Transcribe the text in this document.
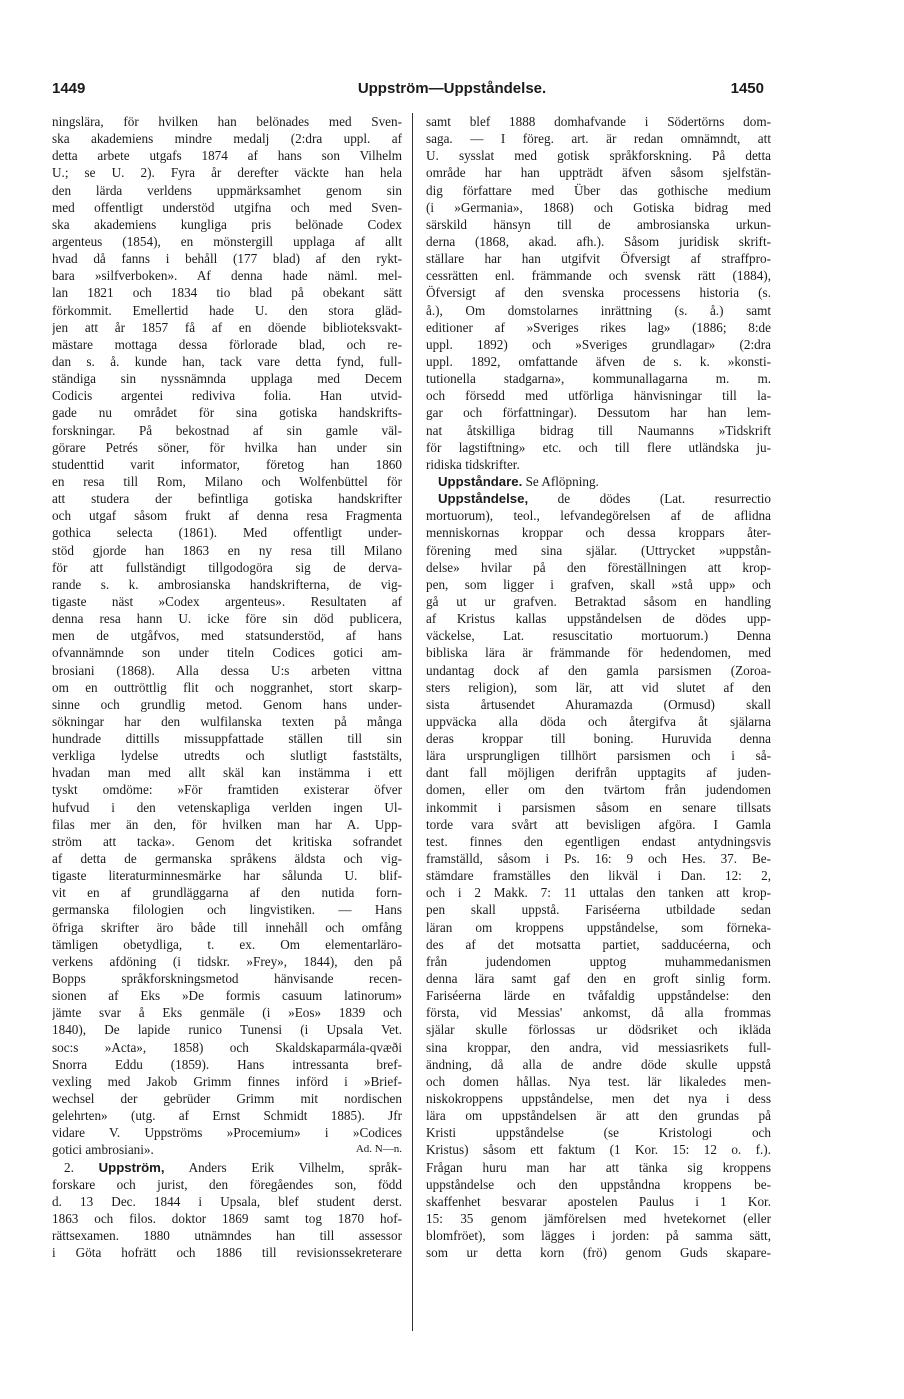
1449	Uppström—Uppståndelse.	1450
ningslära, för hvilken han belönades med Sven-
ska akademiens mindre medalj (2:dra uppl. af
detta arbete utgafs 1874 af hans son Vilhelm
U.; se U. 2). Fyra år derefter väckte han hela
den lärda verldens uppmärksamhet genom sin
med offentligt understöd utgifna och med Sven-
ska akademiens kungliga pris belönade Codex
argenteus (1854), en mönstergill upplaga af allt
hvad då fanns i behåll (177 blad) af den rykt-
bara »silfverboken». Af denna hade näml. mel-
lan 1821 och 1834 tio blad på obekant sätt
förkommit. Emellertid hade U. den stora gläd-
jen att år 1857 få af en döende biblioteksvakt-
mästare mottaga dessa förlorade blad, och re-
dan s. å. kunde han, tack vare detta fynd, full-
ständiga sin nyssnämnda upplaga med Decem
Codicis argentei rediviva folia. Han utvid-
gade nu området för sina gotiska handskrifts-
forskningar. På bekostnad af sin gamle väl-
görare Petrés söner, för hvilka han under sin
studenttid varit informator, företog han 1860
en resa till Rom, Milano och Wolfenbüttel för
att studera der befintliga gotiska handskrifter
och utgaf såsom frukt af denna resa Fragmenta
gothica selecta (1861). Med offentligt under-
stöd gjorde han 1863 en ny resa till Milano
för att fullständigt tillgodogöra sig de derva-
rande s. k. ambrosianska handskrifterna, de vig-
tigaste näst »Codex argenteus». Resultaten af
denna resa hann U. icke före sin död publicera,
men de utgåfvos, med statsunderstöd, af hans
ofvannämnde son under titeln Codices gotici am-
brosiani (1868). Alla dessa U:s arbeten vittna
om en outtröttlig flit och noggranhet, stort skarp-
sinne och grundlig metod. Genom hans under-
sökningar har den wulfilanska texten på många
hundrade dittills missuppfattade ställen till sin
verkliga lydelse utredts och slutligt faststälts,
hvadan man med allt skäl kan instämma i ett
tyskt omdöme: »För framtiden existerar öfver
hufvud i den vetenskapliga verlden ingen Ul-
filas mer än den, för hvilken man har A. Upp-
ström att tacka». Genom det kritiska sofrandet
af detta de germanska språkens äldsta och vig-
tigaste literaturminnesmärke har sålunda U. blif-
vit en af grundläggarna af den nutida forn-
germanska filologien och lingvistiken. — Hans
öfriga skrifter äro både till innehåll och omfång
tämligen obetydliga, t. ex. Om elementarläro-
verkens afdöning (i tidskr. »Frey», 1844), den på
Bopps språkforskningsmetod hänvisande recen-
sionen af Eks »De formis casuum latinorum»
jämte svar å Eks genmäle (i »Eos» 1839 och
1840), De lapide runico Tunensi (i Upsala Vet.
soc:s »Acta», 1858) och Skaldskaparmála-qvæði
Snorra Eddu (1859). Hans intressanta bref-
vexling med Jakob Grimm finnes införd i »Brief-
wechsel der gebrüder Grimm mit nordischen
gelehrten» (utg. af Ernst Schmidt 1885). Jfr
vidare V. Uppströms »Procemium» i »Codices
gotici ambrosiani».	Ad. N—n.
2. Uppström, Anders Erik Vilhelm, språk-
forskare och jurist, den föregåendes son, född
d. 13 Dec. 1844 i Upsala, blef student derst.
1863 och filos. doktor 1869 samt tog 1870 hof-
rättsexamen. 1880 utnämndes han till assessor
i Göta hofrätt och 1886 till revisionssekreterare
samt blef 1888 domhafvande i Södertörns dom-
saga. — I föreg. art. är redan omnämndt, att
U. sysslat med gotisk språkforskning. På detta
område har han uppträdt äfven såsom sjelfstän-
dig författare med Über das gothische medium
(i »Germania», 1868) och Gotiska bidrag med
särskild hänsyn till de ambrosianska urkun-
derna (1868, akad. afh.). Såsom juridisk skrift-
ställare har han utgifvit Öfversigt af straffpro-
cessrätten enl. främmande och svensk rätt (1884),
Öfversigt af den svenska processens historia (s.
å.), Om domstolarnes inrättning (s. å.) samt
editioner af »Sveriges rikes lag» (1886; 8:de
uppl. 1892) och »Sveriges grundlagar» (2:dra
uppl. 1892, omfattande äfven de s. k. »konsti-
tutionella stadgarna», kommunallagarna m. m.
och försedd med utförliga hänvisningar till la-
gar och författningar). Dessutom har han lem-
nat åtskilliga bidrag till Naumanns »Tidskrift
för lagstiftning» etc. och till flere utländska ju-
ridiska tidskrifter.
Uppståndare. Se Aflöpning.
Uppståndelse, de dödes (Lat. resurrectio
mortuorum), teol., lefvandegörelsen af de aflidna
menniskornas kroppar och dessa kroppars åter-
förening med sina själar. (Uttrycket »uppstån-
delse» hvilar på den föreställningen att krop-
pen, som ligger i grafven, skall »stå upp» och
gå ut ur grafven. Betraktad såsom en handling
af Kristus kallas uppståndelsen de dödes upp-
väckelse, Lat. resuscitatio mortuorum.) Denna
bibliska lära är främmande för hedendomen, med
undantag dock af den gamla parsismen (Zoroa-
sters religion), som lär, att vid slutet af den
sista årtusendet Ahuramazda (Ormusd) skall
uppväcka alla döda och återgifva åt själarna
deras kroppar till boning. Huruvida denna
lära ursprungligen tillhört parsismen och i så-
dant fall möjligen derifrån upptagits af juden-
domen, eller om den tvärtom från judendomen
inkommit i parsismen såsom en senare tillsats
torde vara svårt att bevisligen afgöra. I Gamla
test. finnes den egentligen endast antydningsvis
framställd, såsom i Ps. 16: 9 och Hes. 37. Be-
stämdare framställes den likväl i Dan. 12: 2,
och i 2 Makk. 7: 11 uttalas den tanken att krop-
pen skall uppstå. Fariséerna utbildade sedan
läran om kroppens uppståndelse, som förneka-
des af det motsatta partiet, sadducéerna, och
från judendomen upptog muhammedanismen
denna lära samt gaf den en groft sinlig form.
Fariséerna lärde en tvåfaldig uppståndelse: den
första, vid Messias' ankomst, då alla frommas
själar skulle förlossas ur dödsriket och ikläda
sina kroppar, den andra, vid messiasrikets full-
ändning, då alla de andre döde skulle uppstå
och domen hållas. Nya test. lär likaledes men-
niskokroppens uppståndelse, men det nya i dess
lära om uppståndelsen är att den grundas på
Kristi uppståndelse (se Kristologi och
Kristus) såsom ett faktum (1 Kor. 15: 12 o. f.).
Frågan huru man har att tänka sig kroppens
uppståndelse och den uppståndna kroppens be-
skaffenhet besvarar apostelen Paulus i 1 Kor.
15: 35 genom jämförelsen med hvetekornet (eller
blomfröet), som lägges i jorden: på samma sätt,
som ur detta korn (frö) genom Guds skapare-
